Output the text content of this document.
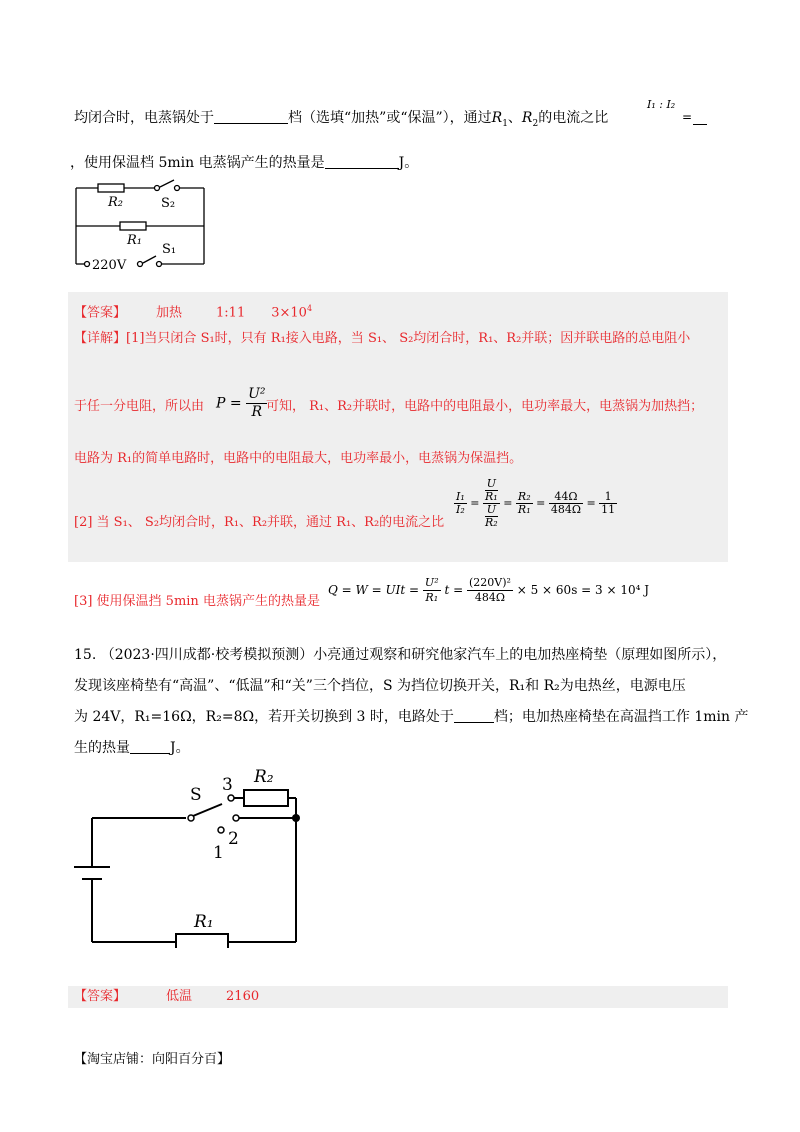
均闭合时，电蒸锅处于	档（选填“加热”或“保温”），通过$R_1$、$R_2$的电流之比
I₁ : I₂
=
，使用保温档 5min 电蒸锅产生的热量是	J。
R₂	S₂
R₁
S₁
220V
【答案】 加热	1:11 $3\times 10^4$
【详解】[1]当只闭合 S₁时，只有 R₁接入电路，当 S₁、 S₂均闭合时，R₁、R₂并联；因并联电路的总电阻小
于任一分电阻，所以由 $P = \frac{\text{U²}}{R}$
可知， R₁、R₂并联时，电路中的电阻最小，电功率最大，电蒸锅为加热挡；
电路为 R₁的简单电路时，电路中的电阻最大，电功率最小，电蒸锅为保温挡。
[2] 当 S₁、 S₂均闭合时，R₁、R₂并联，通过 R₁、R₂的电流之比
$\frac{\text{I₁}}{\text{I₂}} = U$
R₁
U
$R_2 = \frac{\text{R₂}}{\text{R₁}} = \frac{44\Omega}{484\Omega} = \frac{1}{11}$
[3] 使用保温挡 5min 电蒸锅产生的热量是
Q = W = UIt = $\frac{\text{U²}}{\text{R₁}}$ $t = \frac{\text{(220V)²}}{484\Omega} \times 5 \times 60s = 3 \times 10^4$ J
15. （2023·四川成都·校考模拟预测）小亮通过观察和研究他家汽车上的电加热座椅垫（原理如图所示），
发现该座椅垫有“高温”、“低温”和“关”三个挡位，S 为挡位切换开关，R₁和 R₂为电热丝，电源电压
为 24V，R₁=16Ω，R₂=8Ω，若开关切换到 3 时，电路处于	档；电加热座椅垫在高温挡工作 1min 产
生的热量	J。
S 3
2
1
R₂
R₁
【答案】	低温	2160
【淘宝店铺：向阳百分百】
